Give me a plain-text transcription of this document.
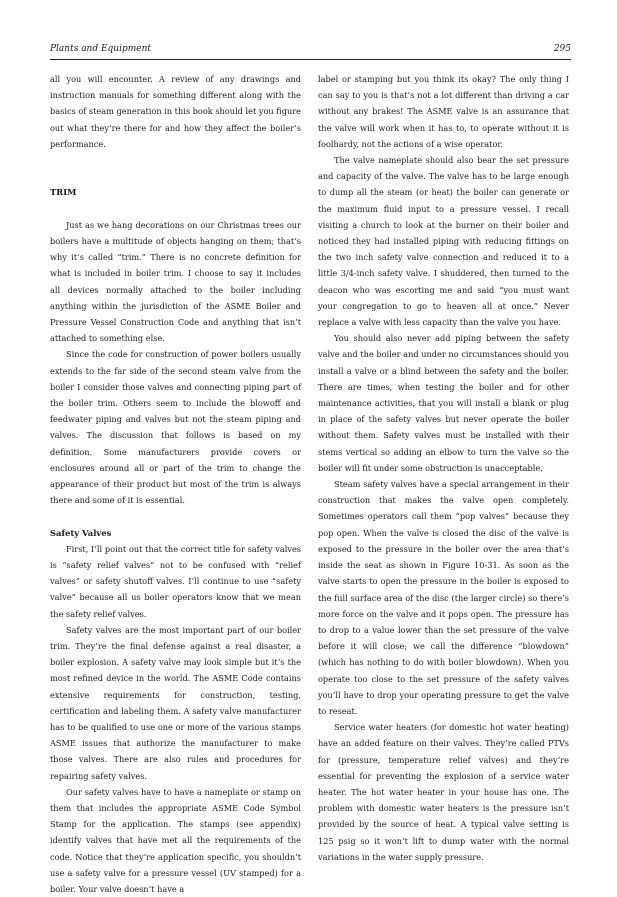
Plants and Equipment	295

all you will encounter. A review of any drawings and instruction manuals for something different along with the basics of steam generation in this book should let you figure out what they’re there for and how they affect the boiler’s performance.

TRIM

Just as we hang decorations on our Christmas trees our boilers have a multitude of objects hanging on them; that’s why it’s called “trim.” There is no concrete definition for what is included in boiler trim. I choose to say it includes all devices normally attached to the boiler including anything within the jurisdiction of the ASME Boiler and Pressure Vessel Construction Code and anything that isn’t attached to something else.

Since the code for construction of power boilers usually extends to the far side of the second steam valve from the boiler I consider those valves and connecting piping part of the boiler trim. Others seem to include the blowoff and feedwater piping and valves but not the steam piping and valves. The discussion that follows is based on my definition. Some manufacturers provide covers or enclosures around all or part of the trim to change the appearance of their product but most of the trim is always there and some of it is essential.

Safety Valves

First, I’ll point out that the correct title for safety valves is “safety relief valves” not to be confused with “relief valves” or safety shutoff valves. I’ll continue to use “safety valve” because all us boiler operators know that we mean the safety relief valves.

Safety valves are the most important part of our boiler trim. They’re the final defense against a real disaster, a boiler explosion. A safety valve may look simple but it’s the most refined device in the world. The ASME Code contains extensive requirements for construction, testing, certification and labeling them. A safety valve manufacturer has to be qualified to use one or more of the various stamps ASME issues that authorize the manufacturer to make those valves. There are also rules and procedures for repairing safety valves.

Our safety valves have to have a nameplate or stamp on them that includes the appropriate ASME Code Symbol Stamp for the application. The stamps (see appendix) identify valves that have met all the requirements of the code. Notice that they’re application specific, you shouldn’t use a safety valve for a pressure vessel (UV stamped) for a boiler. Your valve doesn’t have a

label or stamping but you think its okay? The only thing I can say to you is that’s not a lot different than driving a car without any brakes! The ASME valve is an assurance that the valve will work when it has to, to operate without it is foolhardy, not the actions of a wise operator.

The valve nameplate should also bear the set pressure and capacity of the valve. The valve has to be large enough to dump all the steam (or heat) the boiler can generate or the maximum fluid input to a pressure vessel. I recall visiting a church to look at the burner on their boiler and noticed they had installed piping with reducing fittings on the two inch safety valve connection and reduced it to a little 3/4-inch safety valve. I shuddered, then turned to the deacon who was escorting me and said “you must want your congregation to go to heaven all at once.” Never replace a valve with less capacity than the valve you have.

You should also never add piping between the safety valve and the boiler and under no circumstances should you install a valve or a blind between the safety and the boiler. There are times, when testing the boiler and for other maintenance activities, that you will install a blank or plug in place of the safety valves but never operate the boiler without them. Safety valves must be installed with their stems vertical so adding an elbow to turn the valve so the boiler will fit under some obstruction is unacceptable.

Steam safety valves have a special arrangement in their construction that makes the valve open completely. Sometimes operators call them “pop valves” because they pop open. When the valve is closed the disc of the valve is exposed to the pressure in the boiler over the area that’s inside the seat as shown in Figure 10-31. As soon as the valve starts to open the pressure in the boiler is exposed to the full surface area of the disc (the larger circle) so there’s more force on the valve and it pops open. The pressure has to drop to a value lower than the set pressure of the valve before it will close; we call the difference “blowdown” (which has nothing to do with boiler blowdown). When you operate too close to the set pressure of the safety valves you’ll have to drop your operating pressure to get the valve to reseat.

Service water heaters (for domestic hot water heating) have an added feature on their valves. They’re called PTVs for (pressure, temperature relief valves) and they’re essential for preventing the explosion of a service water heater. The hot water heater in your house has one. The problem with domestic water heaters is the pressure isn’t provided by the source of heat. A typical valve setting is 125 psig so it won’t lift to dump water with the normal variations in the water supply pressure.
